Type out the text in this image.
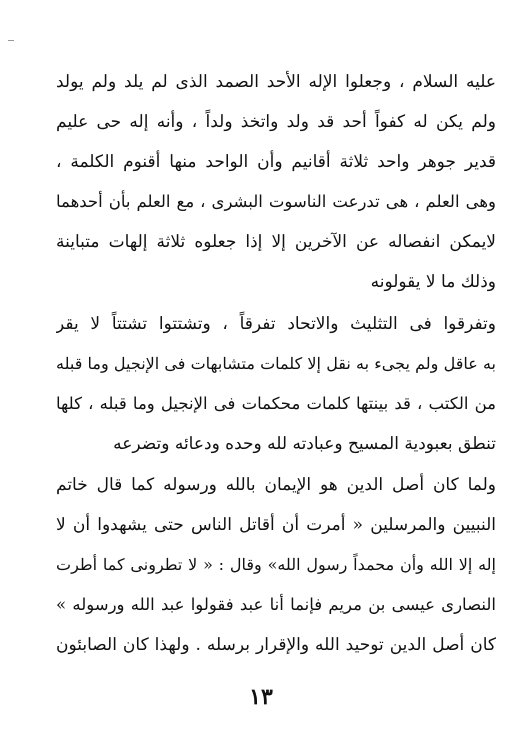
عليه السلام ، وجعلوا الإله الأحد الصمد الذى لم يلد ولم يولد
ولم يكن له كفواً أحد قد ولد واتخذ ولداً ، وأنه إله حى عليم
قدير جوهر واحد ثلاثة أقانيم وأن الواحد منها أقنوم الكلمة ،
وهى العلم ، هى تدرعت الناسوت البشرى ، مع العلم بأن أحدهما
لايمكن انفصاله عن الآخرين إلا إذا جعلوه ثلاثة إلهات متباينة
وذلك ما لا يقولونه
وتفرقوا فى التثليث والاتحاد تفرقاً ، وتشتتوا تشتتاً لا يقر
به عاقل ولم يجىء به نقل إلا كلمات متشابهات فى الإنجيل وما قبله
من الكتب ، قد بينتها كلمات محكمات فى الإنجيل وما قبله ، كلها
تنطق بعبودية المسيح وعبادته لله وحده ودعائه وتضرعه
ولما كان أصل الدين هو الإيمان بالله ورسوله كما قال خاتم
النبيين والمرسلين « أمرت أن أقاتل الناس حتى يشهدوا أن لا
إله إلا الله وأن محمداً رسول الله» وقال : « لا تطرونى كما أطرت
النصارى عيسى بن مريم فإنما أنا عبد فقولوا عبد الله ورسوله »
كان أصل الدين توحيد الله والإقرار برسله . ولهذا كان الصابئون
١٣
